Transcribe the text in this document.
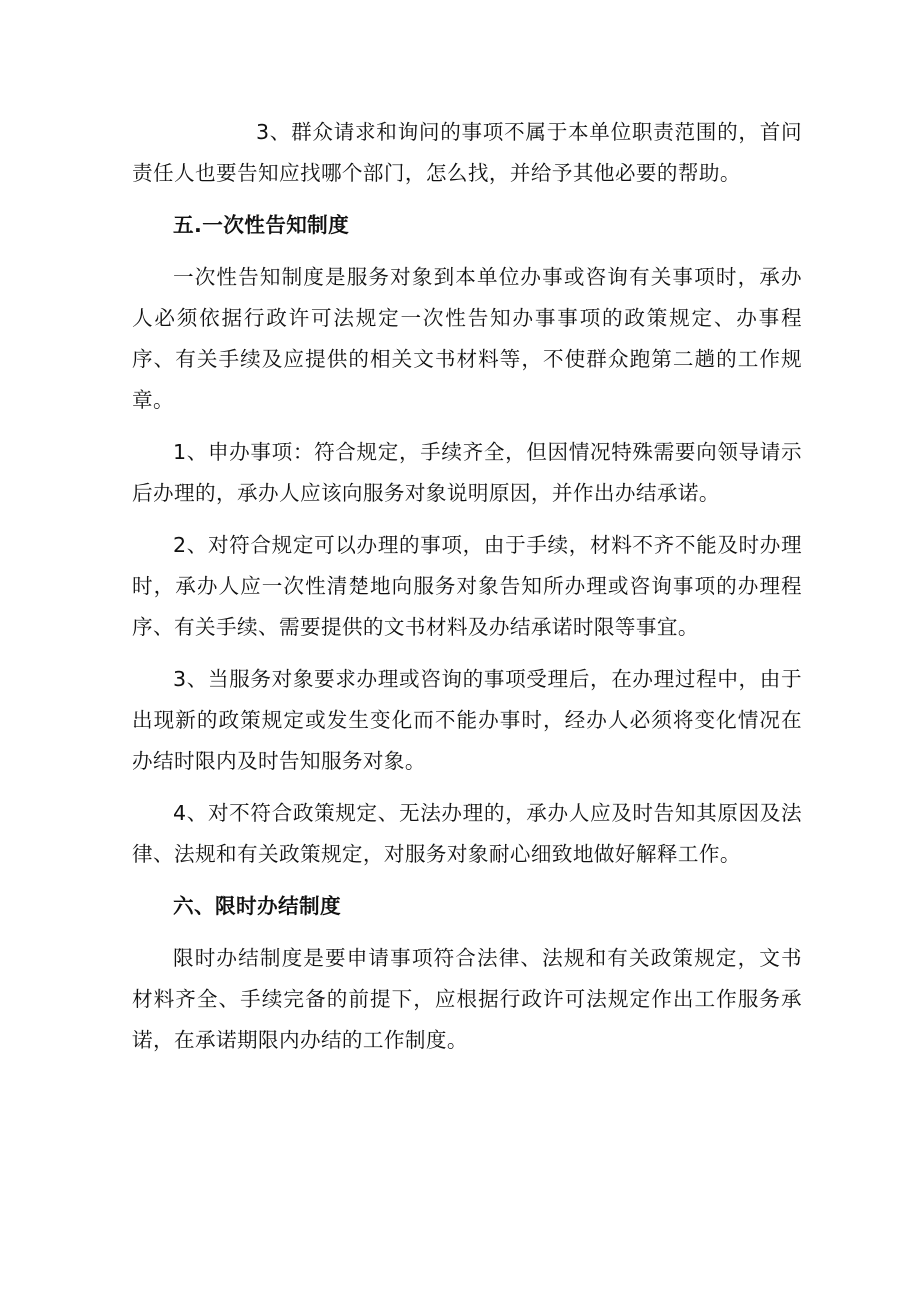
3、群众请求和询问的事项不属于本单位职责范围的，首问责任人也要告知应找哪个部门，怎么找，并给予其他必要的帮助。

五.一次性告知制度

一次性告知制度是服务对象到本单位办事或咨询有关事项时，承办人必须依据行政许可法规定一次性告知办事事项的政策规定、办事程序、有关手续及应提供的相关文书材料等，不使群众跑第二趟的工作规章。

1、申办事项：符合规定，手续齐全，但因情况特殊需要向领导请示后办理的，承办人应该向服务对象说明原因，并作出办结承诺。

2、对符合规定可以办理的事项，由于手续，材料不齐不能及时办理时，承办人应一次性清楚地向服务对象告知所办理或咨询事项的办理程序、有关手续、需要提供的文书材料及办结承诺时限等事宜。

3、当服务对象要求办理或咨询的事项受理后，在办理过程中，由于出现新的政策规定或发生变化而不能办事时，经办人必须将变化情况在办结时限内及时告知服务对象。

4、对不符合政策规定、无法办理的，承办人应及时告知其原因及法律、法规和有关政策规定，对服务对象耐心细致地做好解释工作。

六、限时办结制度

限时办结制度是要申请事项符合法律、法规和有关政策规定，文书材料齐全、手续完备的前提下，应根据行政许可法规定作出工作服务承诺，在承诺期限内办结的工作制度。
